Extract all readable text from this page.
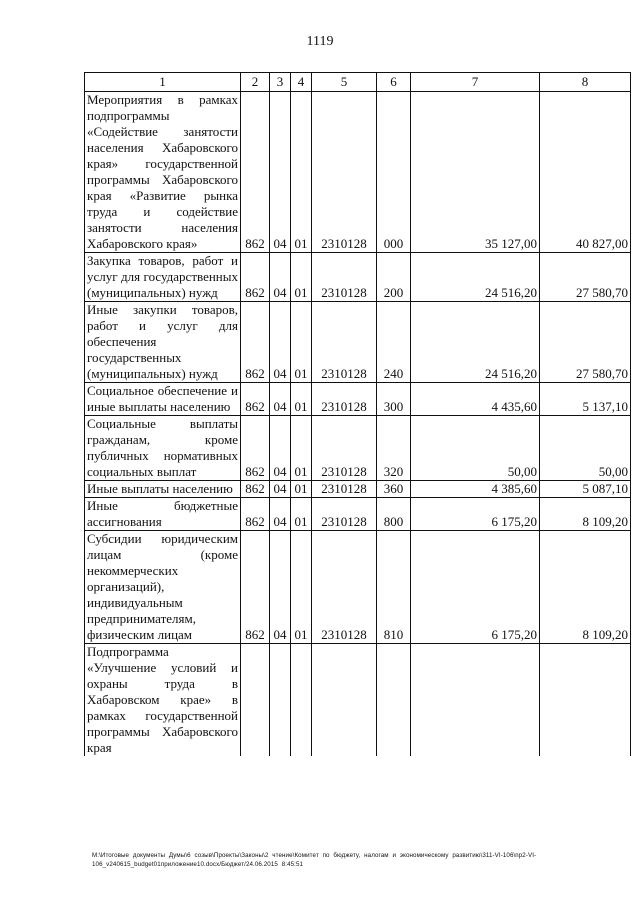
1119
1	2	3	4	5	6	7	8
Мероприятия в рамках подпрограммы «Содействие занятости населения Хабаровского края» государственной программы Хабаровского края «Развитие рынка труда и содействие занятости населения Хабаровского края»	862	04	01	2310128	000	35 127,00	40 827,00
Закупка товаров, работ и услуг для государственных (муниципальных) нужд	862	04	01	2310128	200	24 516,20	27 580,70
Иные закупки товаров, работ и услуг для обеспечения государственных (муниципальных) нужд	862	04	01	2310128	240	24 516,20	27 580,70
Социальное обеспечение и иные выплаты населению	862	04	01	2310128	300	4 435,60	5 137,10
Социальные выплаты гражданам, кроме публичных нормативных социальных выплат	862	04	01	2310128	320	50,00	50,00
Иные выплаты населению	862	04	01	2310128	360	4 385,60	5 087,10
Иные бюджетные ассигнования	862	04	01	2310128	800	6 175,20	8 109,20
Субсидии юридическим лицам (кроме некоммерческих организаций), индивидуальным предпринимателям, физическим лицам	862	04	01	2310128	810	6 175,20	8 109,20
Подпрограмма «Улучшение условий и охраны труда в Хабаровском крае» в рамках государственной программы Хабаровского края							
M:\Итоговые документы Думы\6 созыв\Проекты\Законы\2 чтение\Комитет по бюджету, налогам и экономическому развитию\311-VI-106\пр2-VI-106_v240615_budget01приложение10.docx/Бюджет/24.06.2015 8:45:51
